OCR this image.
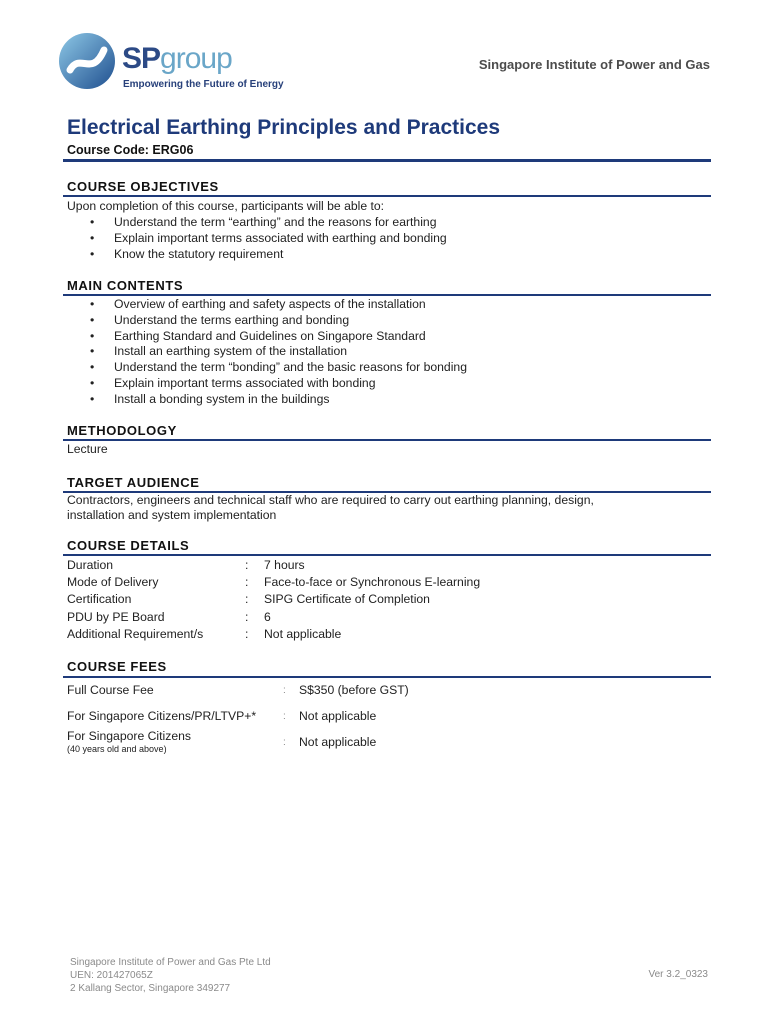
SPgroup
Empowering the Future of Energy
Singapore Institute of Power and Gas
Electrical Earthing Principles and Practices
Course Code: ERG06
COURSE OBJECTIVES
Upon completion of this course, participants will be able to:
• Understand the term “earthing” and the reasons for earthing
• Explain important terms associated with earthing and bonding
• Know the statutory requirement
MAIN CONTENTS
• Overview of earthing and safety aspects of the installation
• Understand the terms earthing and bonding
• Earthing Standard and Guidelines on Singapore Standard
• Install an earthing system of the installation
• Understand the term “bonding” and the basic reasons for bonding
• Explain important terms associated with bonding
• Install a bonding system in the buildings
METHODOLOGY
Lecture
TARGET AUDIENCE
Contractors, engineers and technical staff who are required to carry out earthing planning, design,
installation and system implementation
COURSE DETAILS
Duration	: 7 hours
Mode of Delivery	: Face-to-face or Synchronous E-learning
Certification	: SIPG Certificate of Completion
PDU by PE Board	: 6
Additional Requirement/s	: Not applicable
COURSE FEES
Full Course Fee	: S$350 (before GST)
For Singapore Citizens/PR/LTVP+*	: Not applicable
For Singapore Citizens
(40 years old and above)
: Not applicable
Singapore Institute of Power and Gas Pte Ltd
UEN: 201427065Z
2 Kallang Sector, Singapore 349277
Ver 3.2_0323
